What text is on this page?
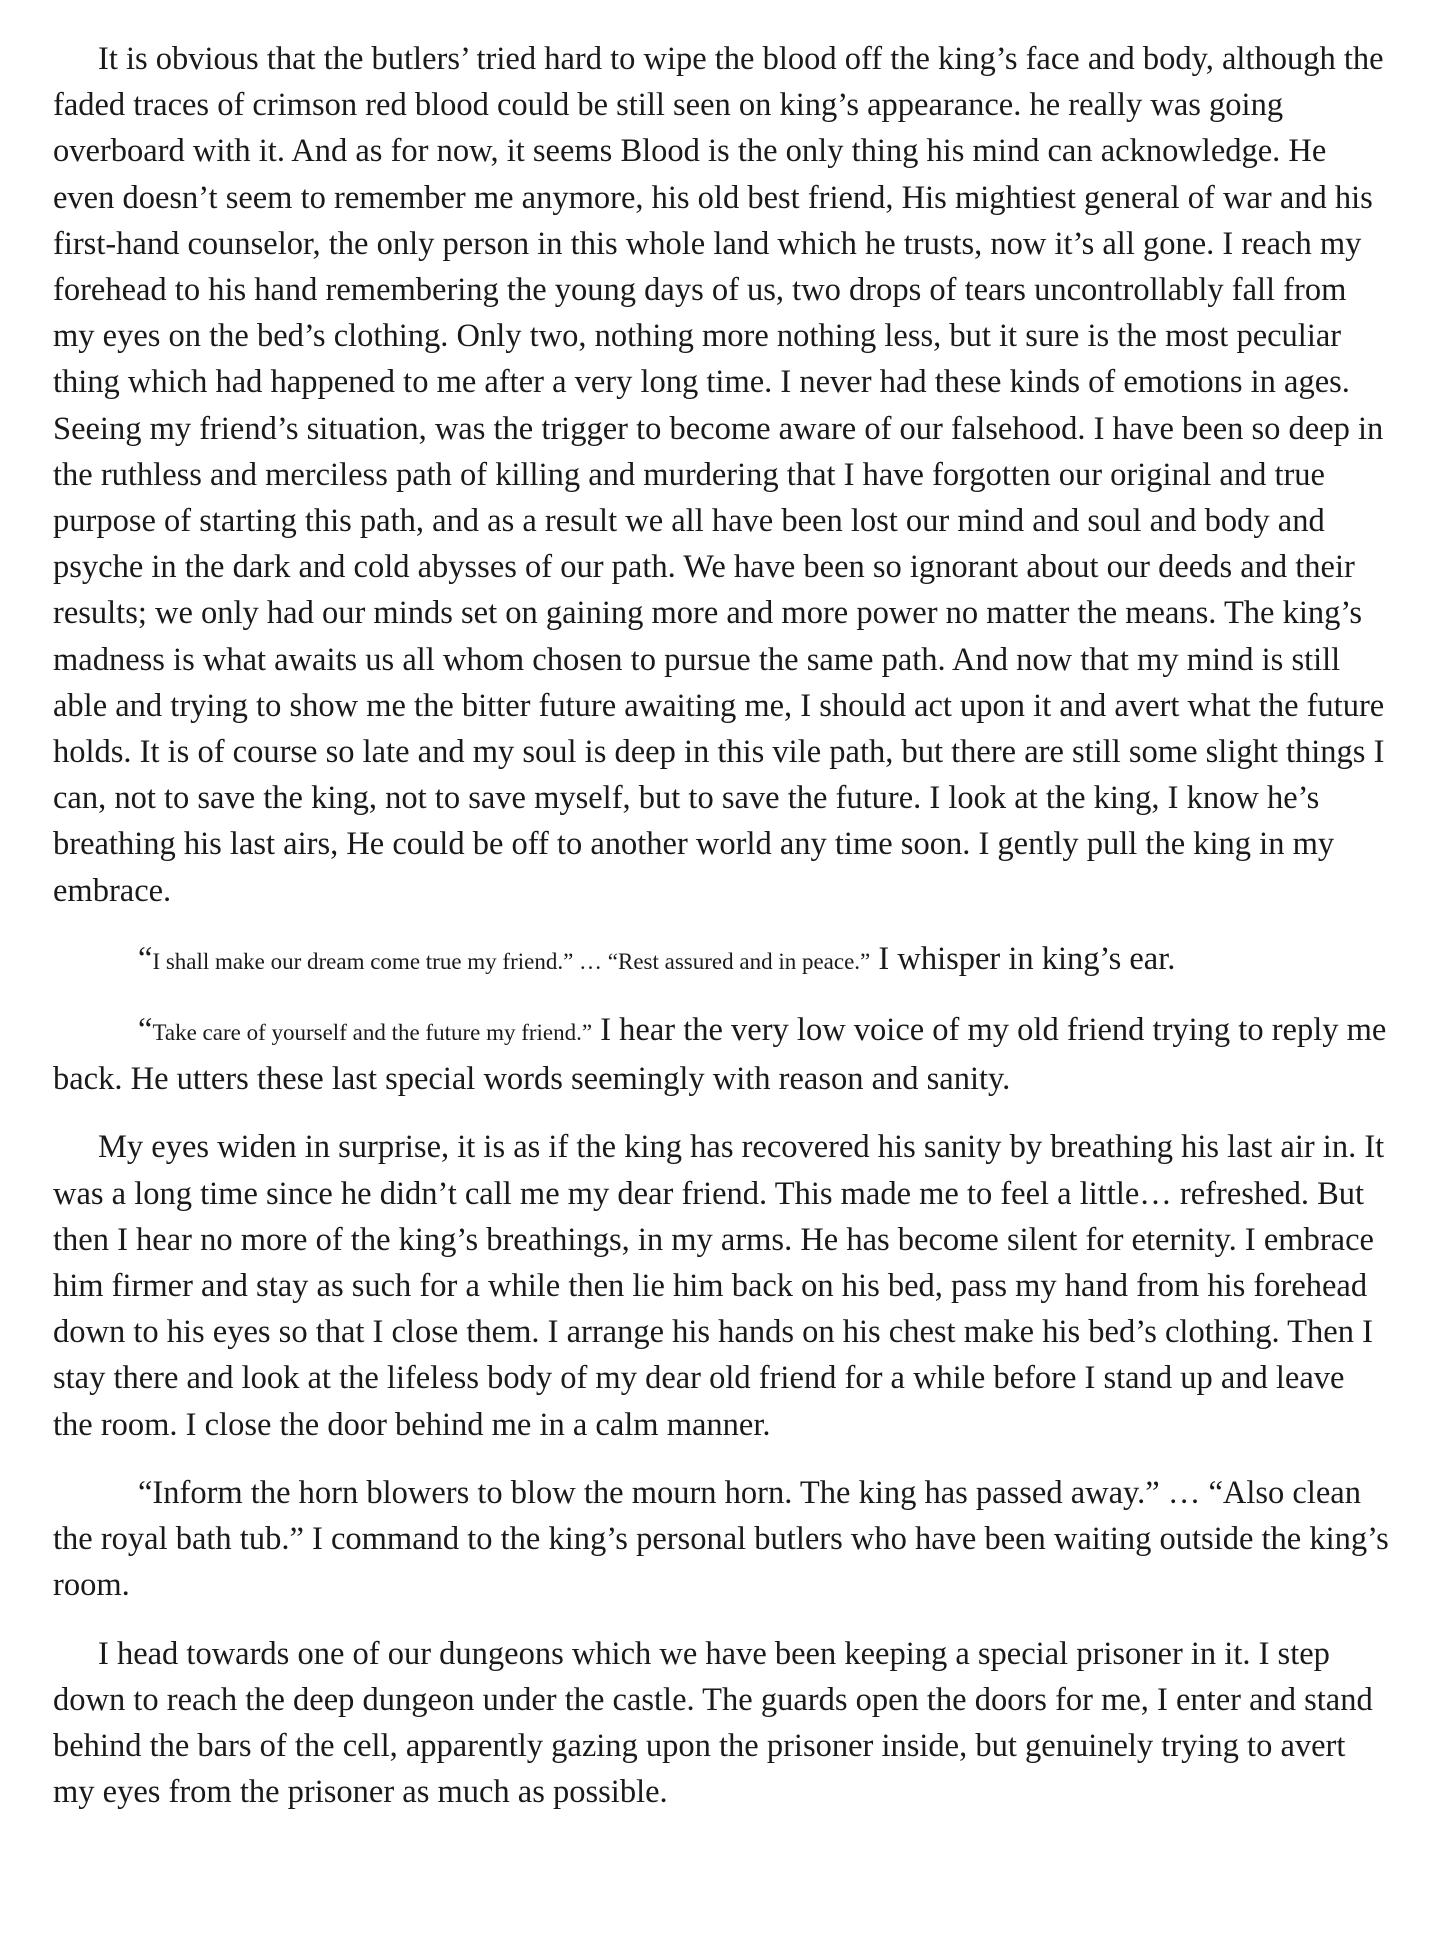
It is obvious that the butlers’ tried hard to wipe the blood off the king’s face and body, although the faded traces of crimson red blood could be still seen on king’s appearance. he really was going overboard with it. And as for now, it seems Blood is the only thing his mind can acknowledge. He even doesn’t seem to remember me anymore, his old best friend, His mightiest general of war and his first-hand counselor, the only person in this whole land which he trusts, now it’s all gone. I reach my forehead to his hand remembering the young days of us, two drops of tears uncontrollably fall from my eyes on the bed’s clothing. Only two, nothing more nothing less, but it sure is the most peculiar thing which had happened to me after a very long time. I never had these kinds of emotions in ages. Seeing my friend’s situation, was the trigger to become aware of our falsehood. I have been so deep in the ruthless and merciless path of killing and murdering that I have forgotten our original and true purpose of starting this path, and as a result we all have been lost our mind and soul and body and psyche in the dark and cold abysses of our path. We have been so ignorant about our deeds and their results; we only had our minds set on gaining more and more power no matter the means. The king’s madness is what awaits us all whom chosen to pursue the same path. And now that my mind is still able and trying to show me the bitter future awaiting me, I should act upon it and avert what the future holds. It is of course so late and my soul is deep in this vile path, but there are still some slight things I can, not to save the king, not to save myself, but to save the future. I look at the king, I know he’s breathing his last airs, He could be off to another world any time soon. I gently pull the king in my embrace.

“I shall make our dream come true my friend.” … “Rest assured and in peace.” I whisper in king’s ear.

“Take care of yourself and the future my friend.” I hear the very low voice of my old friend trying to reply me back. He utters these last special words seemingly with reason and sanity.

My eyes widen in surprise, it is as if the king has recovered his sanity by breathing his last air in. It was a long time since he didn’t call me my dear friend. This made me to feel a little… refreshed. But then I hear no more of the king’s breathings, in my arms. He has become silent for eternity. I embrace him firmer and stay as such for a while then lie him back on his bed, pass my hand from his forehead down to his eyes so that I close them. I arrange his hands on his chest make his bed’s clothing. Then I stay there and look at the lifeless body of my dear old friend for a while before I stand up and leave the room. I close the door behind me in a calm manner.

“Inform the horn blowers to blow the mourn horn. The king has passed away.” … “Also clean the royal bath tub.” I command to the king’s personal butlers who have been waiting outside the king’s room.

I head towards one of our dungeons which we have been keeping a special prisoner in it. I step down to reach the deep dungeon under the castle. The guards open the doors for me, I enter and stand behind the bars of the cell, apparently gazing upon the prisoner inside, but genuinely trying to avert my eyes from the prisoner as much as possible.
